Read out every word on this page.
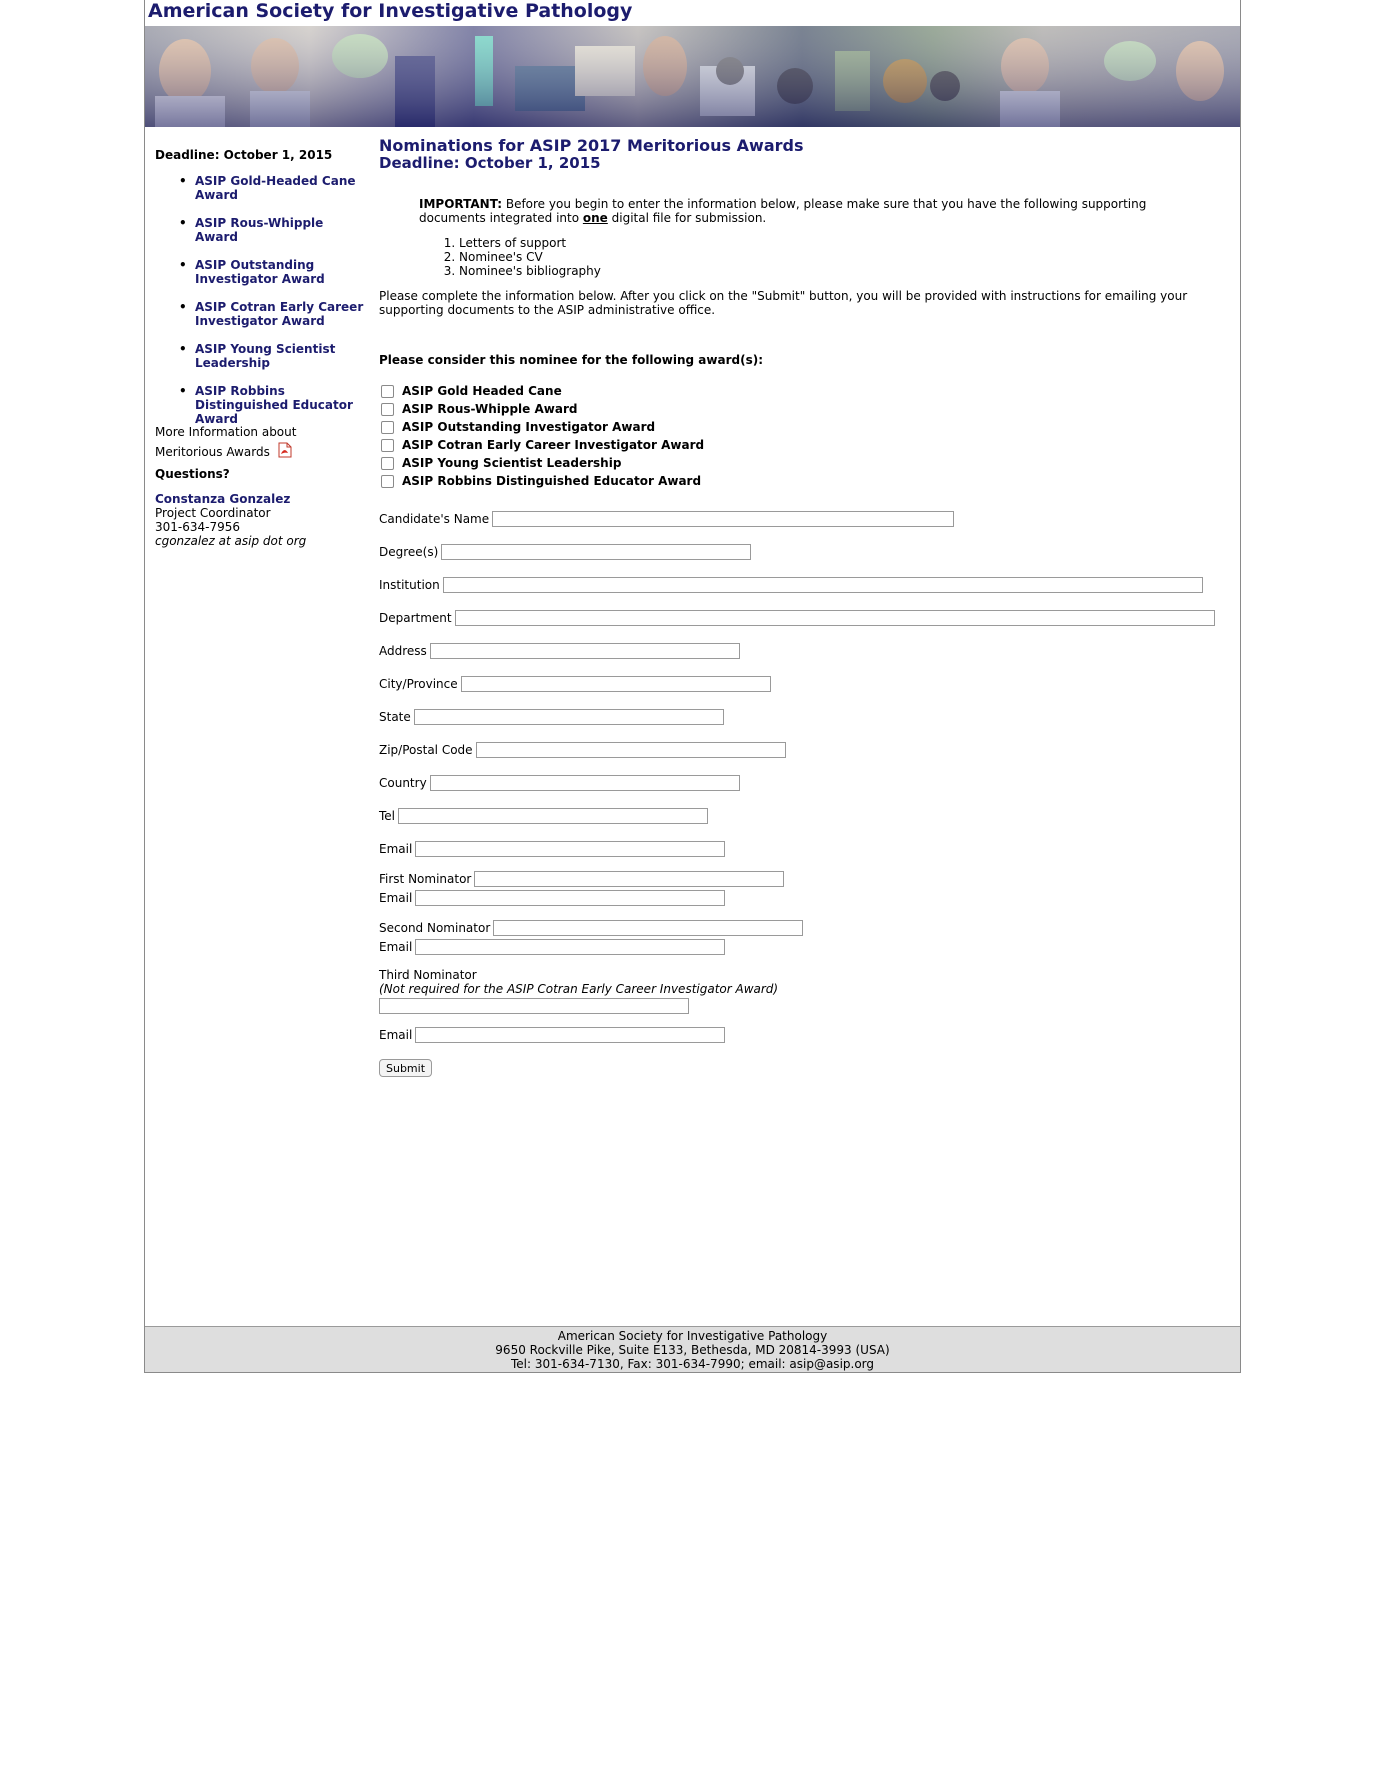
American Society for Investigative Pathology
Deadline: October 1, 2015
• ASIP Gold-Headed Cane Award
• ASIP Rous-Whipple Award
• ASIP Outstanding Investigator Award
• ASIP Cotran Early Career Investigator Award
• ASIP Young Scientist Leadership
• ASIP Robbins Distinguished Educator Award
More Information about Meritorious Awards
Questions?
Constanza Gonzalez
Project Coordinator
301-634-7956
cgonzalez at asip dot org
Nominations for ASIP 2017 Meritorious Awards
Deadline: October 1, 2015
IMPORTANT: Before you begin to enter the information below, please make sure that you have the following supporting documents integrated into one digital file for submission.
1. Letters of support
2. Nominee's CV
3. Nominee's bibliography
Please complete the information below. After you click on the "Submit" button, you will be provided with instructions for emailing your supporting documents to the ASIP administrative office.
Please consider this nominee for the following award(s):
ASIP Gold Headed Cane
ASIP Rous-Whipple Award
ASIP Outstanding Investigator Award
ASIP Cotran Early Career Investigator Award
ASIP Young Scientist Leadership
ASIP Robbins Distinguished Educator Award
Candidate's Name
Degree(s)
Institution
Department
Address
City/Province
State
Zip/Postal Code
Country
Tel
Email
First Nominator
Email
Second Nominator
Email
Third Nominator
(Not required for the ASIP Cotran Early Career Investigator Award)
Email
Submit
American Society for Investigative Pathology
9650 Rockville Pike, Suite E133, Bethesda, MD 20814-3993 (USA)
Tel: 301-634-7130, Fax: 301-634-7990; email: asip@asip.org
